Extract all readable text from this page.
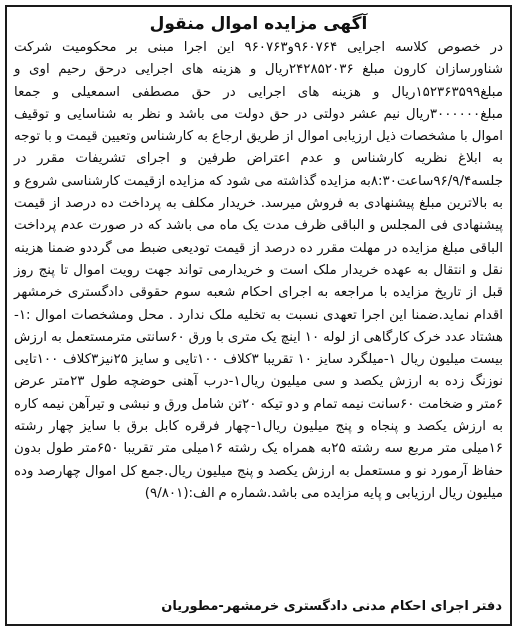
آگهی مزایده اموال منقول

در خصوص کلاسه اجرایی ۹۶۰۷۶۴و۹۶۰۷۶۳ این اجرا مبنی بر محکومیت شرکت شناورسازان کارون مبلغ ۲۴۲۸۵۲۰۳۶ریال و هزینه های اجرایی درحق رحیم اوی و مبلغ۱۵۲۳۶۳۵۹۹ریال و هزینه های اجرایی در حق مصطفی اسمعیلی و جمعا مبلغ۳۰۰۰۰۰۰ریال نیم عشر دولتی در حق دولت می باشد و نظر به شناسایی و توقیف اموال با مشخصات ذیل ارزیابی اموال از طریق ارجاع به کارشناس وتعیین قیمت و با توجه به ابلاغ نظریه کارشناس و عدم اعتراض طرفین و اجرای تشریفات مقرر در جلسه۹۶/۹/۴ساعت۸:۳۰به مزایده گذاشته می شود که مزایده ازقیمت کارشناسی شروع و به بالاترین مبلغ پیشنهادی به فروش میرسد. خریدار مکلف به پرداخت ده درصد از قیمت پیشنهادی فی المجلس و الباقی ظرف مدت یک ماه می باشد که در صورت عدم پرداخت الباقی مبلغ مزایده در مهلت مقرر ده درصد از قیمت تودیعی ضبط می گرددو ضمنا هزینه نقل و انتقال به عهده خریدار ملک است و خریدارمی تواند جهت رویت اموال تا پنج روز قبل از تاریخ مزایده با مراجعه به اجرای احکام شعبه سوم حقوقی دادگستری خرمشهر اقدام نماید.ضمنا این اجرا تعهدی نسبت به تخلیه ملک ندارد . محل ومشخصات اموال :۱-هشتاد عدد خرک کارگاهی از لوله ۱۰ اینچ یک متری با ورق ۶۰سانتی مترمستعمل به ارزش بیست میلیون ریال ۱-میلگرد سایز ۱۰ تقریبا ۳کلاف ۱۰۰تایی و سایز ۲۵نیز۳کلاف ۱۰۰تایی نوزنگ زده به ارزش یکصد و سی میلیون ریال۱-درب آهنی حوضچه طول ۲۳متر عرض ۶متر و ضخامت ۶۰سانت نیمه تمام و دو تیکه ۲۰تن شامل ورق و نبشی و تیرآهن نیمه کاره به ارزش یکصد و پنجاه و پنج میلیون ریال۱-چهار فرقره کابل برق با سایز چهار رشته ۱۶میلی متر مربع سه رشته ۲۵به همراه یک رشته ۱۶میلی متر تقریبا ۶۵۰متر طول بدون حفاظ آرمورد نو و مستعمل به ارزش یکصد و پنج میلیون ریال.جمع کل اموال چهارصد وده میلیون ریال ارزیابی و پایه مزایده می باشد.شماره م الف:(۹/۸۰۱)

دفتر اجرای احکام مدنی دادگستری خرمشهر-مطوریان
